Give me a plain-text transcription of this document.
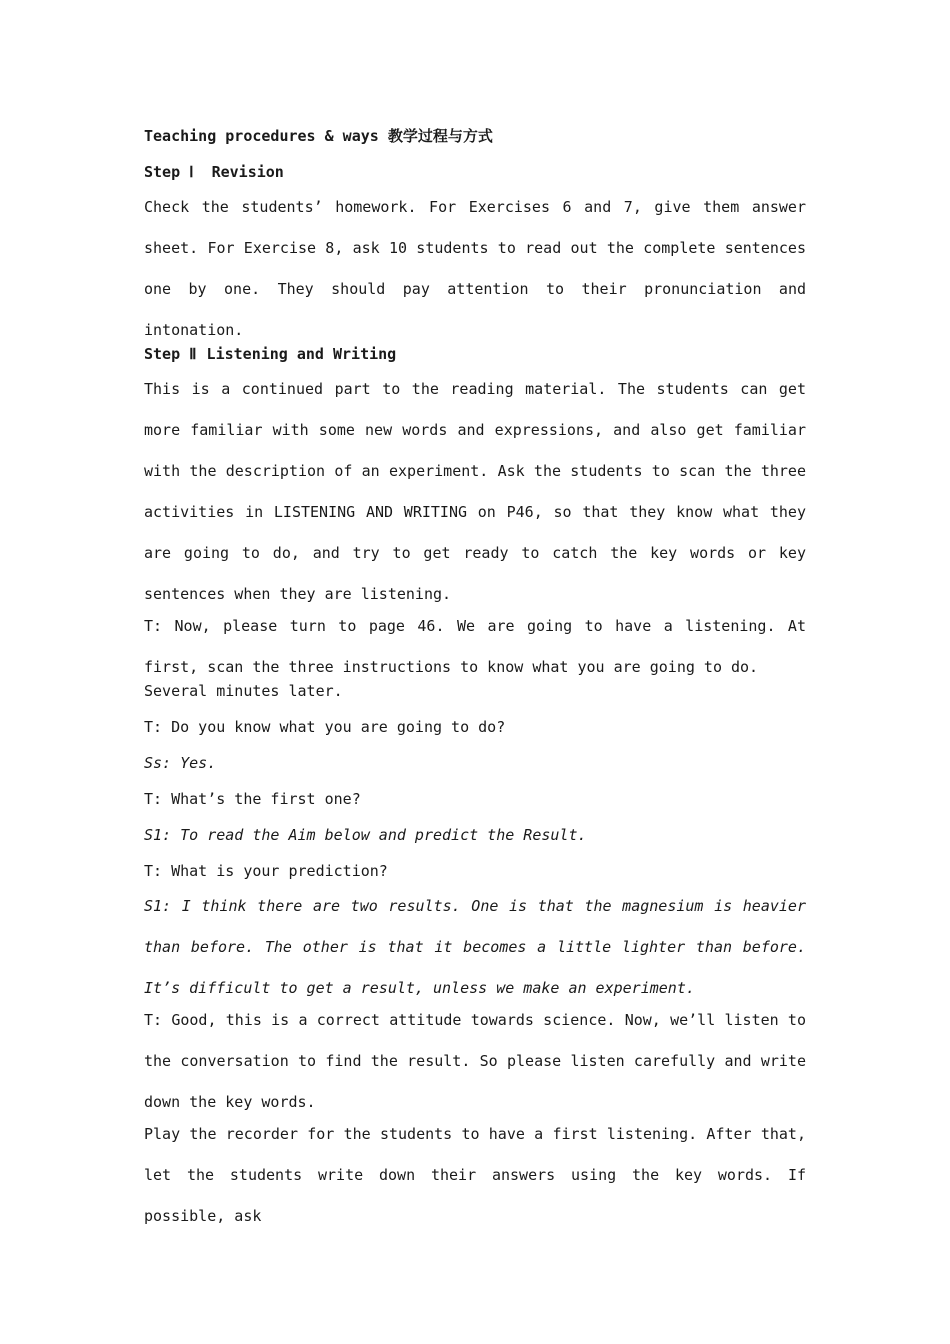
Teaching procedures & ways 教学过程与方式
Step Ⅰ Revision
Check the students’ homework. For Exercises 6 and 7, give them answer sheet. For Exercise 8, ask 10 students to read out the complete sentences one by one. They should pay attention to their pronunciation and intonation.
Step Ⅱ Listening and Writing
This is a continued part to the reading material. The students can get more familiar with some new words and expressions, and also get familiar with the description of an experiment. Ask the students to scan the three activities in LISTENING AND WRITING on P46, so that they know what they are going to do, and try to get ready to catch the key words or key sentences when they are listening.
T: Now, please turn to page 46. We are going to have a listening. At first, scan the three instructions to know what you are going to do.
Several minutes later.
T: Do you know what you are going to do?
Ss: Yes.
T: What’s the first one?
S1: To read the Aim below and predict the Result.
T: What is your prediction?
S1: I think there are two results. One is that the magnesium is heavier than before. The other is that it becomes a little lighter than before. It’s difficult to get a result, unless we make an experiment.
T: Good, this is a correct attitude towards science. Now, we’ll listen to the conversation to find the result. So please listen carefully and write down the key words.
Play the recorder for the students to have a first listening. After that, let the students write down their answers using the key words. If possible, ask
